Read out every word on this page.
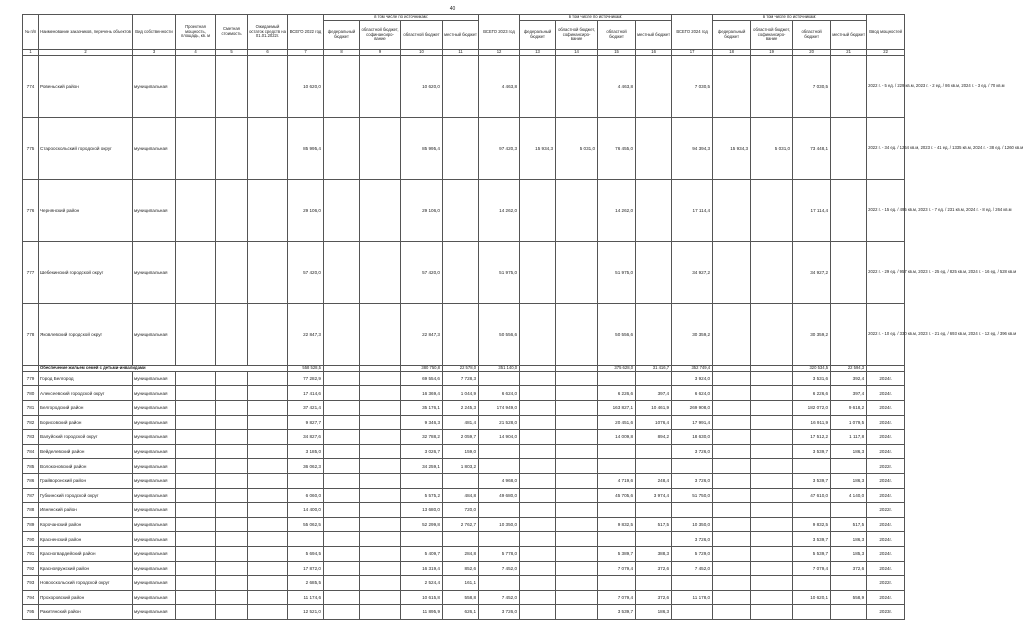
40
№ п/п	Наименование заказчиков, перечень объектов	Вид собственности	Проектная мощность, площадь, кв. м	Сметная стоимость	Ожидаемый остаток средств на 01.01.2022г.	ВСЕГО 2022 год	в том числе по источникам:				ВСЕГО 2023 год	в том числе по источникам:				ВСЕГО 2024 год	в том числе по источникам:				Ввод мощностей
							федеральный бюджет	областной бюджет, софинансиро-вание	областной бюджет	местный бюджет		федеральный бюджет	областной бюджет, софинансиро-вание	областной бюджет	местный бюджет		федеральный бюджет	областной бюджет, софинансиро-вание	областной бюджет	местный бюджет	
1	2	3	4	5	6	7	8	9	10	11	12	13	14	15	16	17	18	19	20	21	22
774	Ровеньский район	муниципальная				10 620,0			10 620,0		4 463,8			4 463,8		7 030,5			7 030,5		2022 г. - 5 ед. / 229 кв.м, 2023 г. - 2 ед. / 86 кв.м, 2024 г. - 3 ед. / 70 кв.м
775	Старооскольский городской округ	муниципальная				85 995,4			85 995,4		97 420,3	15 934,3	5 031,0	76 455,0		94 394,3	15 934,3	5 031,0	73 448,1		2022 г. - 34 ед. / 1254 кв.м, 2023 г. - 41 ед. / 1335 кв.м, 2024 г. - 38 ед. / 1260 кв.м
776	Чернянский район	муниципальная				29 106,0			29 106,0		14 262,0			14 262,0		17 114,4			17 114,4		2022 г. - 15 ед. / 495 кв.м, 2023 г. - 7 ед. / 231 кв.м, 2024 г. - 8 ед. / 264 кв.м
777	Шебекинский городской округ	муниципальная				57 420,0			57 420,0		51 975,0			51 975,0		34 927,2			34 927,2		2022 г. - 29 ед. / 957 кв.м, 2023 г. - 25 ед. / 825 кв.м, 2024 г. - 16 ед. / 528 кв.м
778	Яковлевский городской округ	муниципальная				22 847,3			22 847,3		50 556,6			50 556,6		30 359,2			30 359,2		2022 г. - 10 ед. / 330 кв.м, 2023 г. - 21 ед. / 693 кв.м, 2024 г. - 12 ед. / 396 кв.м
	Обеспечение жильем семей с детьми-инвалидами					558 528,5			380 750,8	22 578,0	351 140,0			375 628,0	31 416,7	352 749,4			320 534,5	22 594,3	
779	Город Белгород	муниципальная				77 282,9			69 554,6	7 728,3						3 924,0			3 531,6	392,4	2024г.
780	Алексеевский городской округ	муниципальная				17 414,6			16 369,4	1 044,9	6 624,0			6 226,6	397,4	6 624,0			6 226,6	397,4	2024г.
781	Белгородский район	муниципальная				37 421,4			35 176,1	2 245,3	174 949,0			163 827,1	10 461,9	269 908,0			182 072,0	9 618,2	2024г.
782	Борисовский район	муниципальная				9 827,7			9 346,3	481,4	21 528,0			20 451,6	1076,4	17 991,4			16 911,9	1 079,5	2024г.
783	Валуйский городской округ	муниципальная				34 827,6			32 788,2	2 059,7	14 904,0			14 009,8	894,2	18 630,0			17 512,2	1 117,8	2024г.
784	Вейделевский район	муниципальная				3 185,0			3 026,7	159,0						3 726,0			3 539,7	186,3	2024г.
785	Волоконовский район	муниципальная				36 062,3			34 259,1	1 803,2											2022г.
786	Грайворонский район	муниципальная									4 968,0			4 719,6	248,4	3 726,0			3 539,7	186,3	2024г.
787	Губкинский городской округ	муниципальная				6 060,0			5 575,2	484,8	49 680,0			45 705,6	3 974,4	51 750,0			47 610,0	4 140,0	2024г.
788	Ивнянский район	муниципальная				14 400,0			13 680,0	720,0											2022г.
789	Корочанский район	муниципальная				55 062,5			52 299,8	2 762,7	10 350,0			9 832,5	517,5	10 350,0			9 832,5	517,5	2024г.
790	Красненский район	муниципальная														3 726,0			3 539,7	186,3	2024г.
791	Красногвардейский район	муниципальная				5 694,5			5 409,7	284,8	5 778,0			5 389,7	388,3	5 729,0			5 539,7	185,3	2024г.
792	Краснояружский район	муниципальная				17 872,0			16 319,4	852,6	7 452,0			7 079,4	372,6	7 452,0			7 079,4	372,6	2024г.
793	Новооскольский городской округ	муниципальная				2 685,5			2 524,4	161,1											2022г.
794	Прохоровский район	муниципальная				11 174,6			10 615,8	558,8	7 452,0			7 079,4	372,6	11 178,0			10 620,1	558,9	2024г.
795	Ракитянский район	муниципальная				12 521,0			11 895,9	626,1	3 726,0			3 539,7	186,3						2023г.
